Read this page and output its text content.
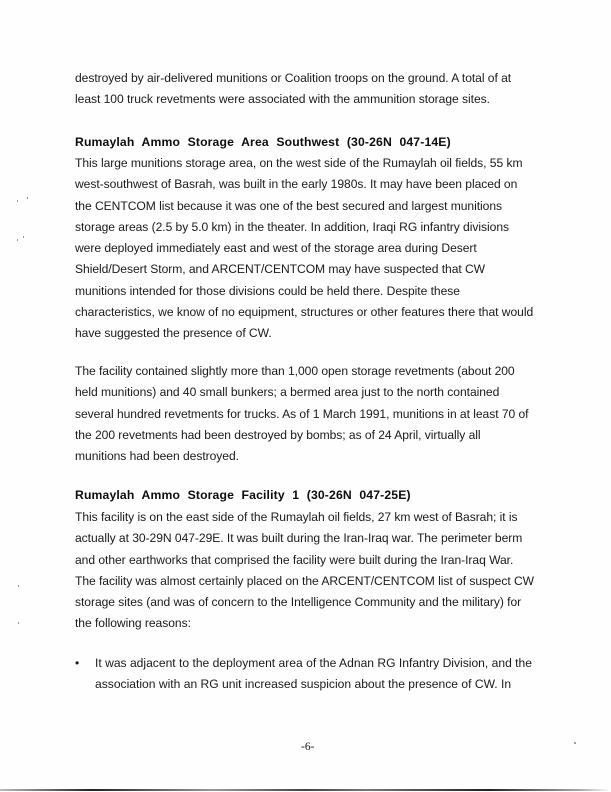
destroyed by air-delivered munitions or Coalition troops on the ground. A total of at
least 100 truck revetments were associated with the ammunition storage sites.
Rumaylah Ammo Storage Area Southwest (30-26N 047-14E)
This large munitions storage area, on the west side of the Rumaylah oil fields, 55 km
west-southwest of Basrah, was built in the early 1980s. It may have been placed on
the CENTCOM list because it was one of the best secured and largest munitions
storage areas (2.5 by 5.0 km) in the theater. In addition, Iraqi RG infantry divisions
were deployed immediately east and west of the storage area during Desert
Shield/Desert Storm, and ARCENT/CENTCOM may have suspected that CW
munitions intended for those divisions could be held there. Despite these
characteristics, we know of no equipment, structures or other features there that would
have suggested the presence of CW.
The facility contained slightly more than 1,000 open storage revetments (about 200
held munitions) and 40 small bunkers; a bermed area just to the north contained
several hundred revetments for trucks. As of 1 March 1991, munitions in at least 70 of
the 200 revetments had been destroyed by bombs; as of 24 April, virtually all
munitions had been destroyed.
Rumaylah Ammo Storage Facility 1 (30-26N 047-25E)
This facility is on the east side of the Rumaylah oil fields, 27 km west of Basrah; it is
actually at 30-29N 047-29E. It was built during the Iran-Iraq war. The perimeter berm
and other earthworks that comprised the facility were built during the Iran-Iraq War.
The facility was almost certainly placed on the ARCENT/CENTCOM list of suspect CW
storage sites (and was of concern to the Intelligence Community and the military) for
the following reasons:
• It was adjacent to the deployment area of the Adnan RG Infantry Division, and the
association with an RG unit increased suspicion about the presence of CW. In
-6-
